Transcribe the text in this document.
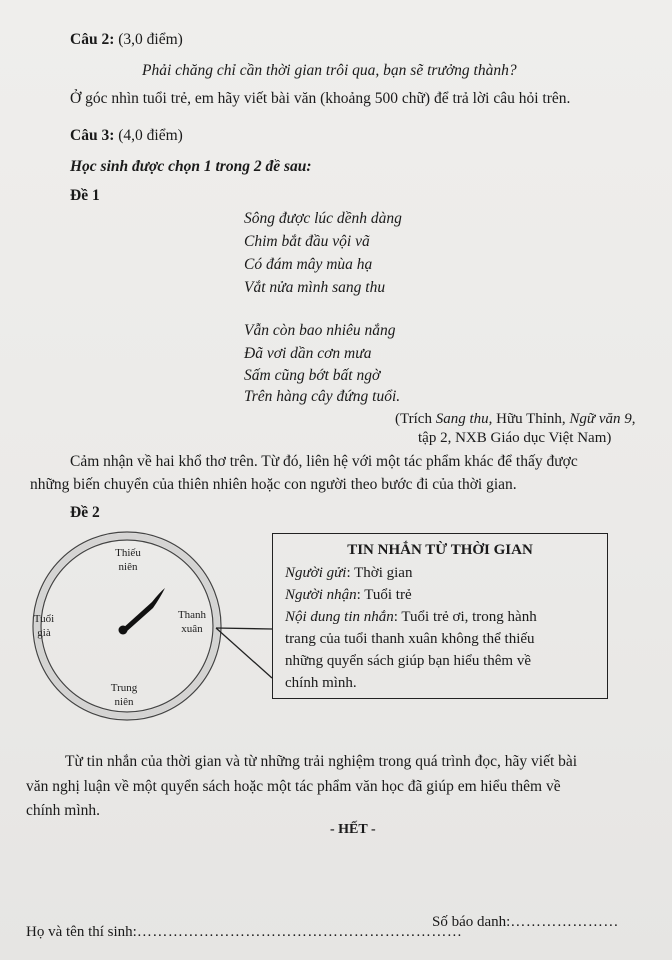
Câu 2: (3,0 điểm)
Phải chăng chỉ cần thời gian trôi qua, bạn sẽ trưởng thành?
Ở góc nhìn tuổi trẻ, em hãy viết bài văn (khoảng 500 chữ) để trả lời câu hỏi trên.
Câu 3: (4,0 điểm)
Học sinh được chọn 1 trong 2 đề sau:
Đề 1
Sông được lúc dềnh dàng
Chim bắt đầu vội vã
Có đám mây mùa hạ
Vắt nửa mình sang thu
Vẫn còn bao nhiêu nắng
Đã vơi dần cơn mưa
Sấm cũng bớt bất ngờ
Trên hàng cây đứng tuổi.
(Trích Sang thu, Hữu Thỉnh, Ngữ văn 9,
tập 2, NXB Giáo dục Việt Nam)
Cảm nhận về hai khổ thơ trên. Từ đó, liên hệ với một tác phẩm khác để thấy được
những biến chuyển của thiên nhiên hoặc con người theo bước đi của thời gian.
Đề 2
Thiếu
niên
Thanh
xuân
Trung
niên
Tuổi
già
TIN NHẮN TỪ THỜI GIAN
Người gửi: Thời gian
Người nhận: Tuổi trẻ
Nội dung tin nhắn: Tuổi trẻ ơi, trong hành
trang của tuổi thanh xuân không thể thiếu
những quyển sách giúp bạn hiểu thêm về
chính mình.
Từ tin nhắn của thời gian và từ những trải nghiệm trong quá trình đọc, hãy viết bài
văn nghị luận về một quyển sách hoặc một tác phẩm văn học đã giúp em hiểu thêm về
chính mình.
- HẾT -
Họ và tên thí sinh:………………………………………………………
Số báo danh:…………………
